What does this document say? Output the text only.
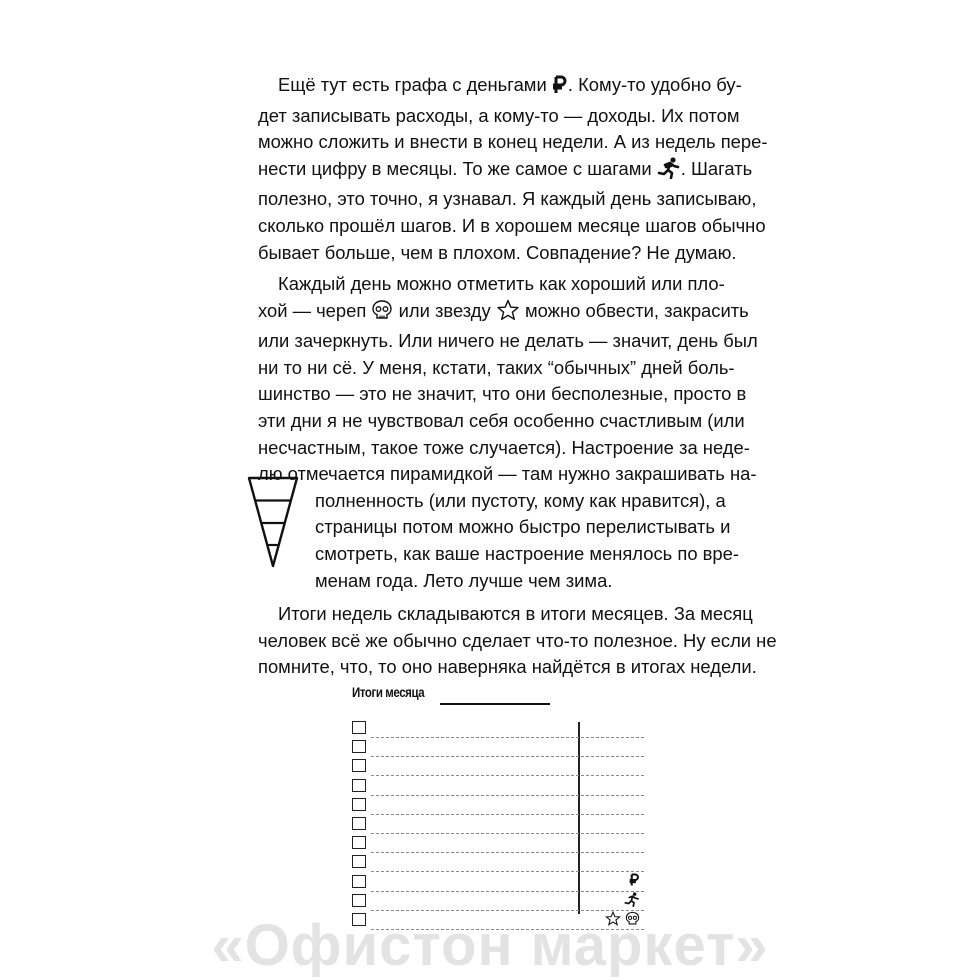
Ещё тут есть графа с деньгами . Кому-то удобно бу-
дет записывать расходы, а кому-то — доходы. Их потом
можно сложить и внести в конец недели. А из недель пере-
нести цифру в месяцы. То же самое с шагами . Шагать
полезно, это точно, я узнавал. Я каждый день записываю,
сколько прошёл шагов. И в хорошем месяце шагов обычно
бывает больше, чем в плохом. Совпадение? Не думаю.
Каждый день можно отметить как хороший или пло-
хой — череп или звезду можно обвести, закрасить
или зачеркнуть. Или ничего не делать — значит, день был
ни то ни сё. У меня, кстати, таких “обычных” дней боль-
шинство — это не значит, что они бесполезные, просто в
эти дни я не чувствовал себя особенно счастливым (или
несчастным, такое тоже случается). Настроение за неде-
лю отмечается пирамидкой — там нужно закрашивать на-
полненность (или пустоту, кому как нравится), а
страницы потом можно быстро перелистывать и
смотреть, как ваше настроение менялось по вре-
менам года. Лето лучше чем зима.
Итоги недель складываются в итоги месяцев. За месяц
человек всё же обычно сделает что-то полезное. Ну если не
помните, что, то оно наверняка найдётся в итогах недели.
Итоги месяца

«Офистон маркет»
